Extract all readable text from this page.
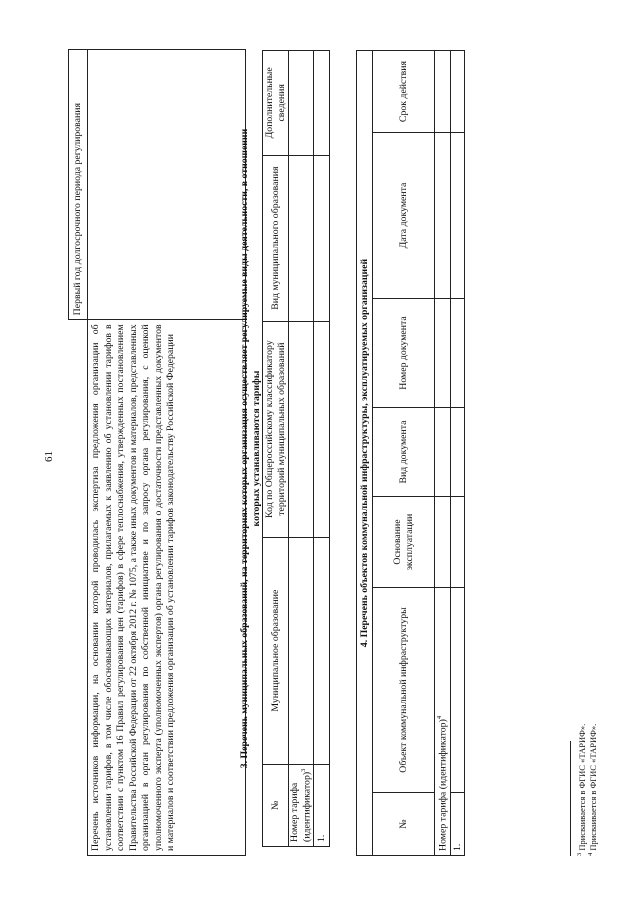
61
	Первый год долгосрочного периода регулирования
Перечень источников информации, на основании которой проводилась экспертиза предложения организации об установлении тарифов, в том числе обосновывающих материалов, прилагаемых к заявлению об установлении тарифов в соответствии с пунктом 16 Правил регулирования цен (тарифов) в сфере теплоснабжения, утвержденных постановлением Правительства Российской Федерации от 22 октября 2012 г. № 1075, а также иных документов и материалов, представленных организацией в орган регулирования по собственной инициативе и по запросу органа регулирования, с оценкой уполномоченного эксперта (уполномоченных экспертов) органа регулирования о достаточности представленных документов и материалов и соответствии предложения организации об установлении тарифов законодательству Российской Федерации		3. Перечень муниципальных образований, на территориях которых организация осуществляет регулируемые виды деятельности, в отношении которых устанавливаются тарифы
№	Муниципальное образование	Код по Общероссийскому классификатору территорий муниципальных образований	Вид муниципального образования	Дополнительные сведения
Номер тарифа (идентификатор)$^3$				
1.				
4. Перечень объектов коммунальной инфраструктуры, эксплуатируемых организацией						
№	Объект коммунальной инфраструктуры	Основание эксплуатации	Вид документа	Номер документа	Дата документа	Срок действия
Номер тарифа (идентификатор)$^4$					
1.						
$^3$ Присваивается в ФГИС «ТАРИФ».
$^4$ Присваивается в ФГИС «ТАРИФ».
